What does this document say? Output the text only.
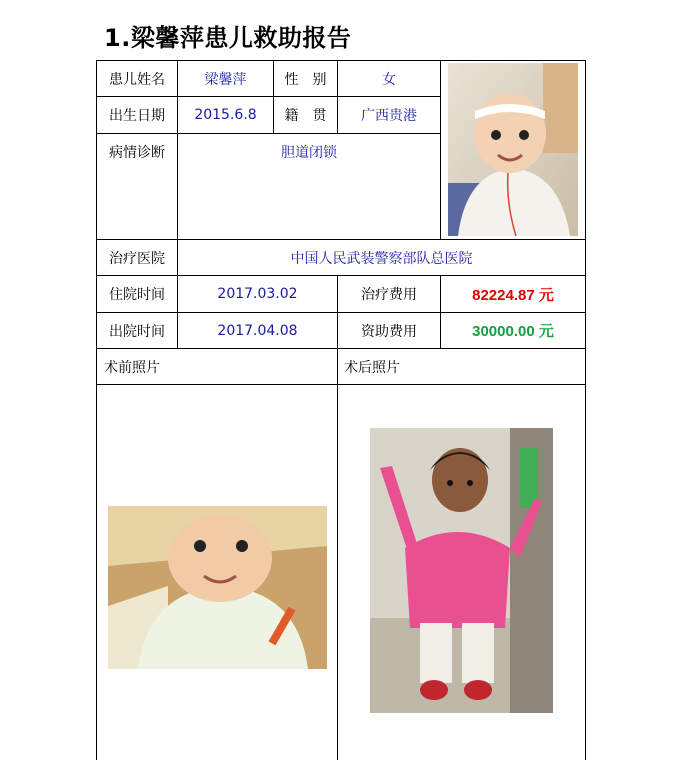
1.梁馨萍患儿救助报告
患儿姓名	梁馨萍	性　别	女
出生日期	2015.6.8	籍　贯	广西贵港
病情诊断	胆道闭锁
治疗医院	中国人民武装警察部队总医院
住院时间	2017.03.02	治疗费用	82224.87 元
出院时间	2017.04.08	资助费用	30000.00 元
术前照片	术后照片
